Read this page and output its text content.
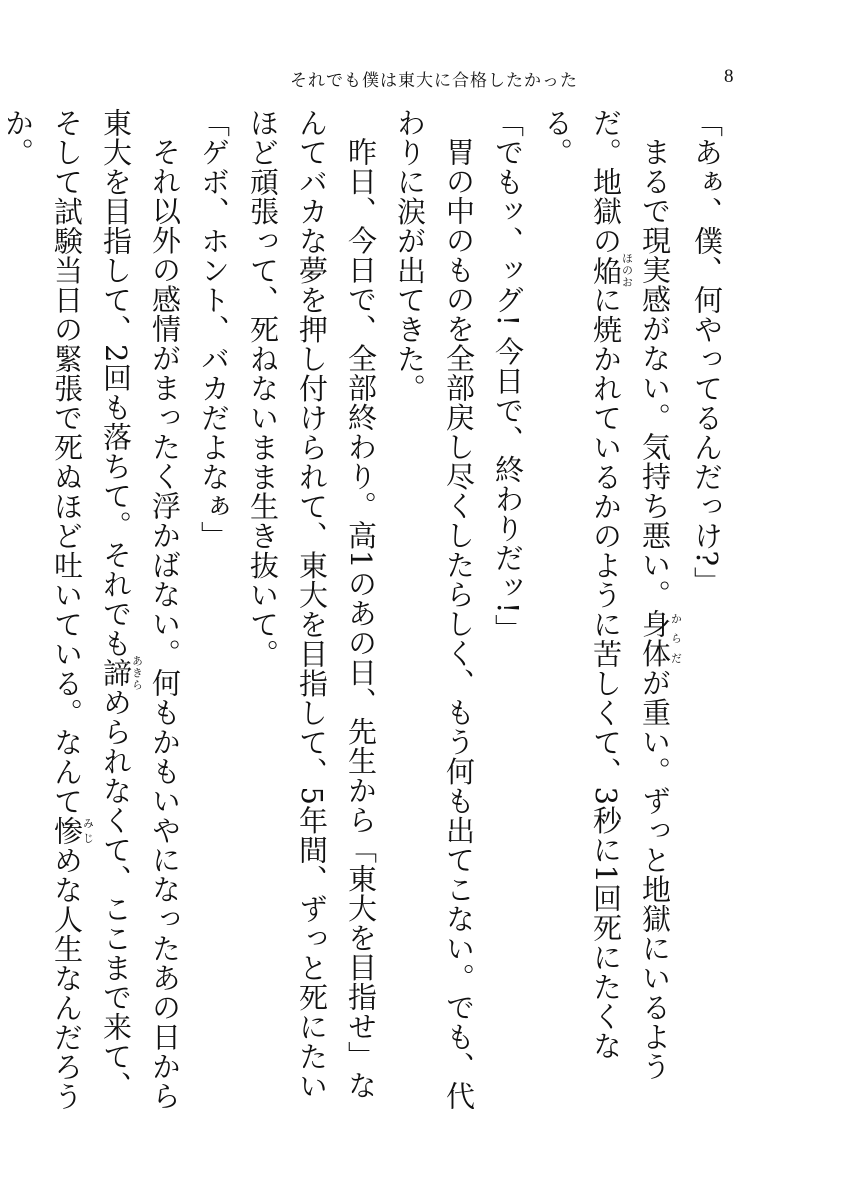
それでも僕は東大に合格したかった	8

「あぁ、僕、何やってるんだっけ?」

まるで現実感がない。気持ち悪い。身体からだが重い。ずっと地獄にいるようだ。地獄の焔ほのおに焼かれているかのように苦しくて、3秒に1回死にたくなる。

「でもッ、ッグ! 今日で、終わりだッ!」

胃の中のものを全部戻し尽くしたらしく、もう何も出てこない。でも、代わりに涙が出てきた。

昨日、今日で、全部終わり。高1のあの日、先生から「東大を目指せ」なんてバカな夢を押し付けられて、東大を目指して、5年間、ずっと死にたいほど頑張って、死ねないまま生き抜いて。

「ゲボ、ホント、バカだよなぁ」

それ以外の感情がまったく浮かばない。何もかもいやになったあの日から東大を目指して、2回も落ちて。それでも諦あきらめられなくて、ここまで来て、そして試験当日の緊張で死ぬほど吐いている。なんて惨みじめな人生なんだろうか。
